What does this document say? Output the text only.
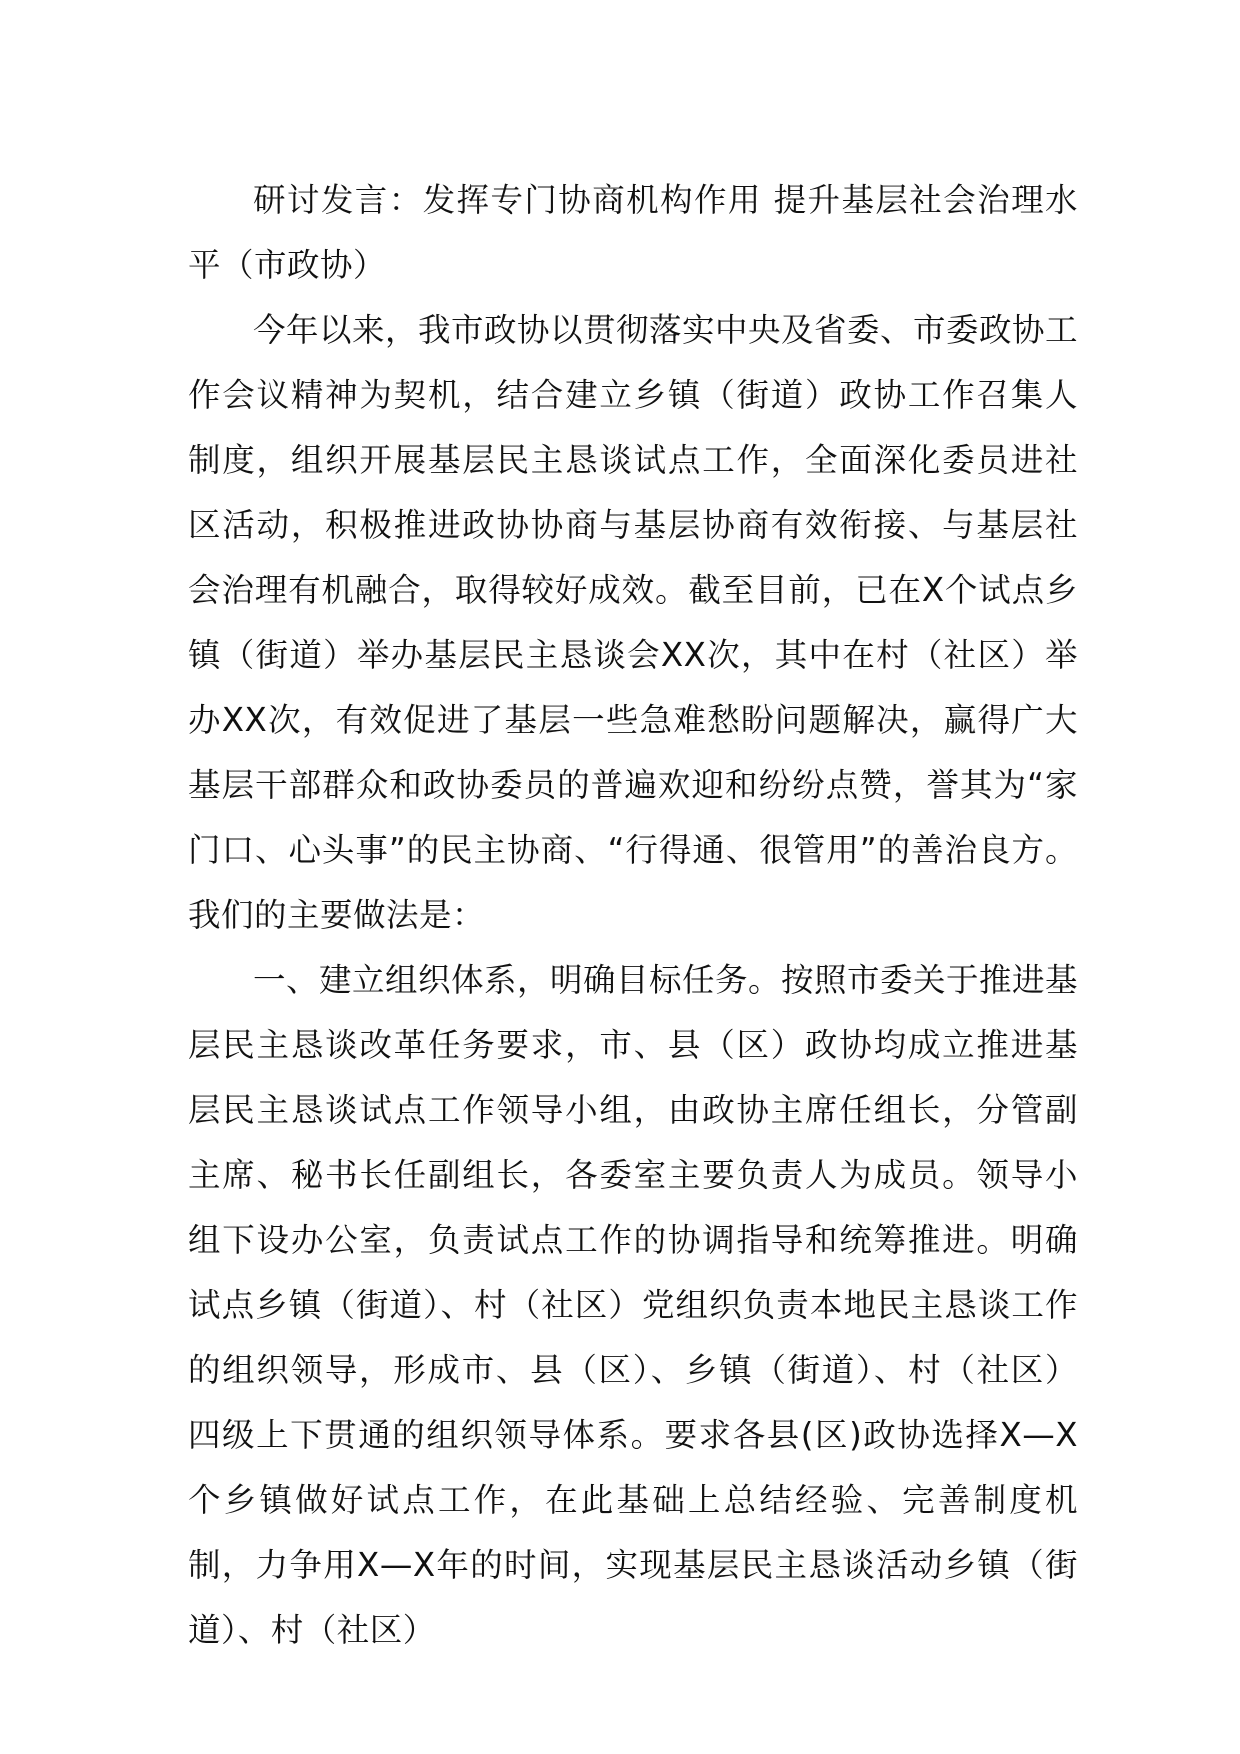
研讨发言：发挥专门协商机构作用 提升基层社会治理水平（市政协）

今年以来，我市政协以贯彻落实中央及省委、市委政协工作会议精神为契机，结合建立乡镇（街道）政协工作召集人制度，组织开展基层民主恳谈试点工作，全面深化委员进社区活动，积极推进政协协商与基层协商有效衔接、与基层社会治理有机融合，取得较好成效。截至目前，已在X个试点乡镇（街道）举办基层民主恳谈会XX次，其中在村（社区）举办XX次，有效促进了基层一些急难愁盼问题解决，赢得广大基层干部群众和政协委员的普遍欢迎和纷纷点赞，誉其为“家门口、心头事”的民主协商、“行得通、很管用”的善治良方。我们的主要做法是：

一、建立组织体系，明确目标任务。按照市委关于推进基层民主恳谈改革任务要求，市、县（区）政协均成立推进基层民主恳谈试点工作领导小组，由政协主席任组长，分管副主席、秘书长任副组长，各委室主要负责人为成员。领导小组下设办公室，负责试点工作的协调指导和统筹推进。明确试点乡镇（街道）、村（社区）党组织负责本地民主恳谈工作的组织领导，形成市、县（区）、乡镇（街道）、村（社区）四级上下贯通的组织领导体系。要求各县(区)政协选择X—X个乡镇做好试点工作，在此基础上总结经验、完善制度机制，力争用X—X年的时间，实现基层民主恳谈活动乡镇（街道）、村（社区）
